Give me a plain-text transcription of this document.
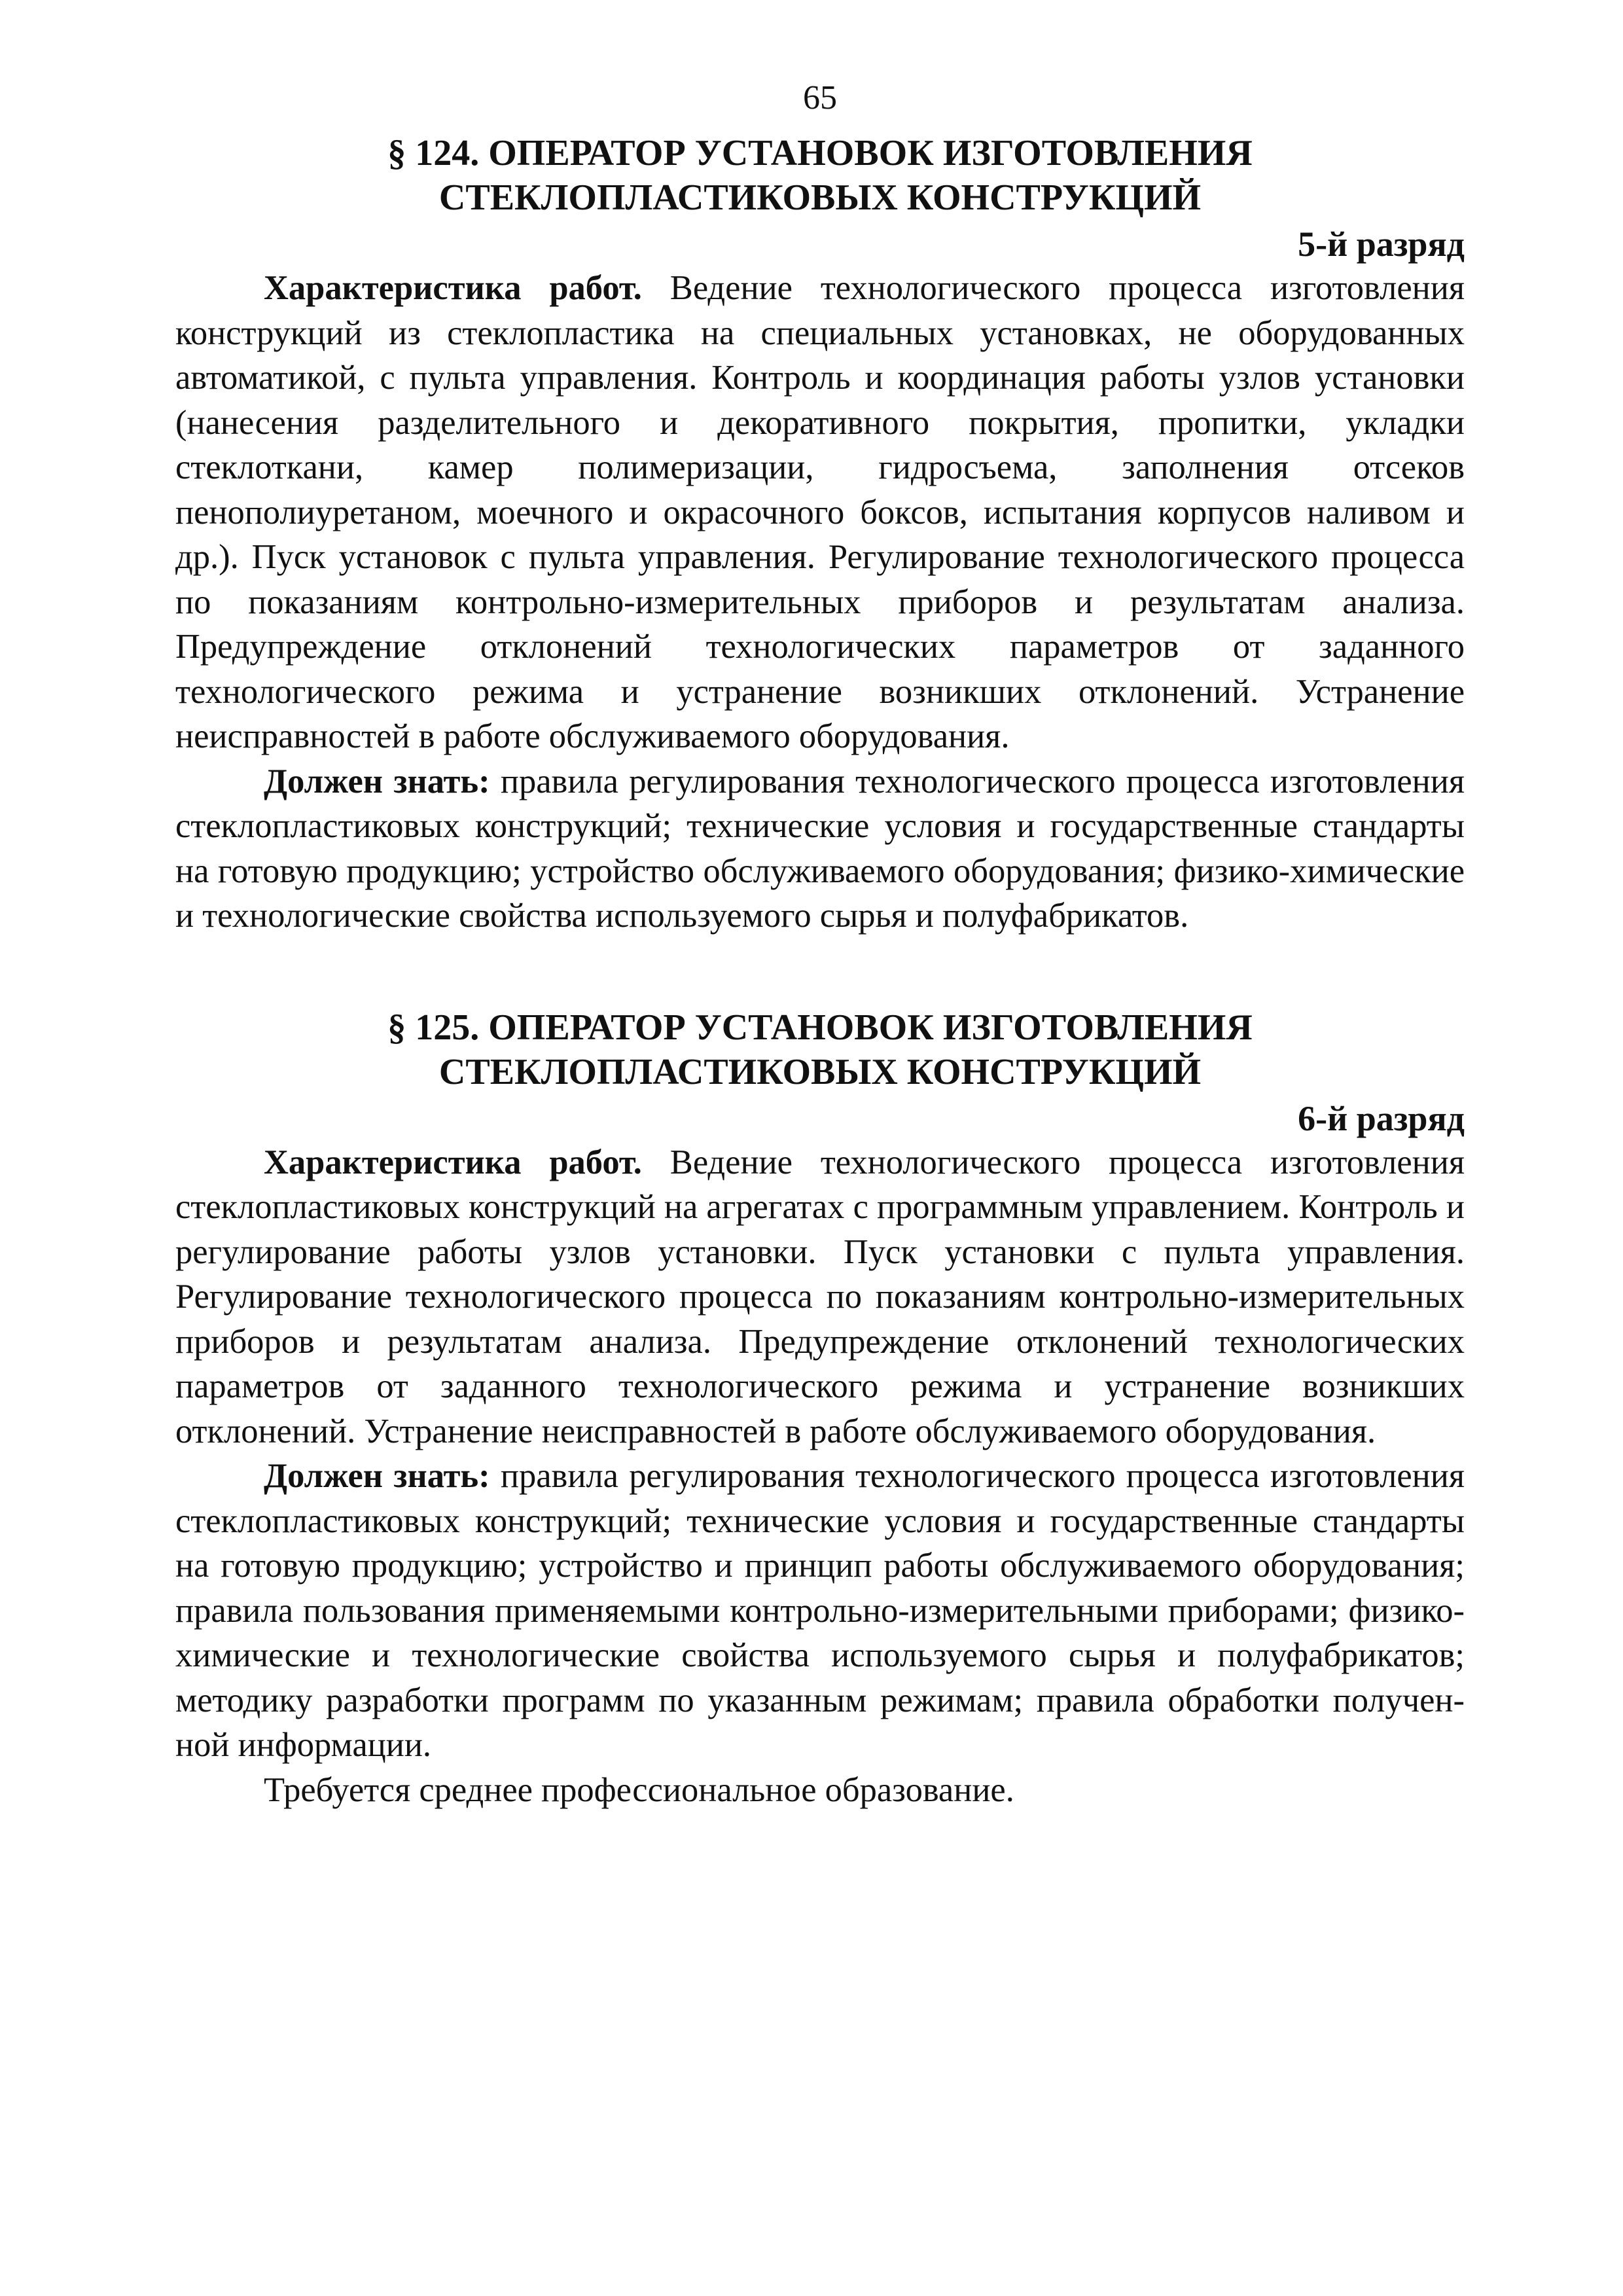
65
§ 124. ОПЕРАТОР УСТАНОВОК ИЗГОТОВЛЕНИЯ
СТЕКЛОПЛАСТИКОВЫХ КОНСТРУКЦИЙ
5-й разряд

Характеристика работ. Ведение технологического процесса изготовления конструкций из стеклопластика на специальных установках, не оборудованных автоматикой, с пульта управления. Контроль и координация работы узлов установки (нанесения разделительного и декоративного покрытия, пропитки, укладки стеклоткани, камер полимеризации, гидросъема, заполнения отсеков пенополиуретаном, моечного и окрасочного боксов, испытания корпусов наливом и др.). Пуск установок с пульта управления. Регулирование технологического процесса по показаниям контрольно-измерительных приборов и результатам анализа. Предупреждение отклонений технологических параметров от заданного технологического режима и устранение возникших отклонений. Устранение неисправностей в работе обслуживаемого оборудования.

Должен знать: правила регулирования технологического процесса изготовления стеклопластиковых конструкций; технические условия и государственные стандарты на готовую продукцию; устройство обслуживаемого оборудования; физико-химические и технологические свойства используемого сырья и полуфабрикатов.

§ 125. ОПЕРАТОР УСТАНОВОК ИЗГОТОВЛЕНИЯ
СТЕКЛОПЛАСТИКОВЫХ КОНСТРУКЦИЙ
6-й разряд

Характеристика работ. Ведение технологического процесса изготовления стеклопластиковых конструкций на агрегатах с программным управлением. Контроль и регулирование работы узлов установки. Пуск установки с пульта управления. Регулирование технологического процесса по показаниям контрольно-измерительных приборов и результатам анализа. Предупреждение отклонений технологических параметров от заданного технологического режима и устранение возникших отклонений. Устранение неисправностей в работе обслуживаемого оборудования.

Должен знать: правила регулирования технологического процесса изготовления стеклопластиковых конструкций; технические условия и государственные стандарты на готовую продукцию; устройство и принцип работы обслуживаемого оборудования; правила пользования применяемыми контрольно-измерительными приборами; физико-химические и технологические свойства используемого сырья и полуфабрикатов; методику разработки программ по указанным режимам; правила обработки полученной информации.

Требуется среднее профессиональное образование.
